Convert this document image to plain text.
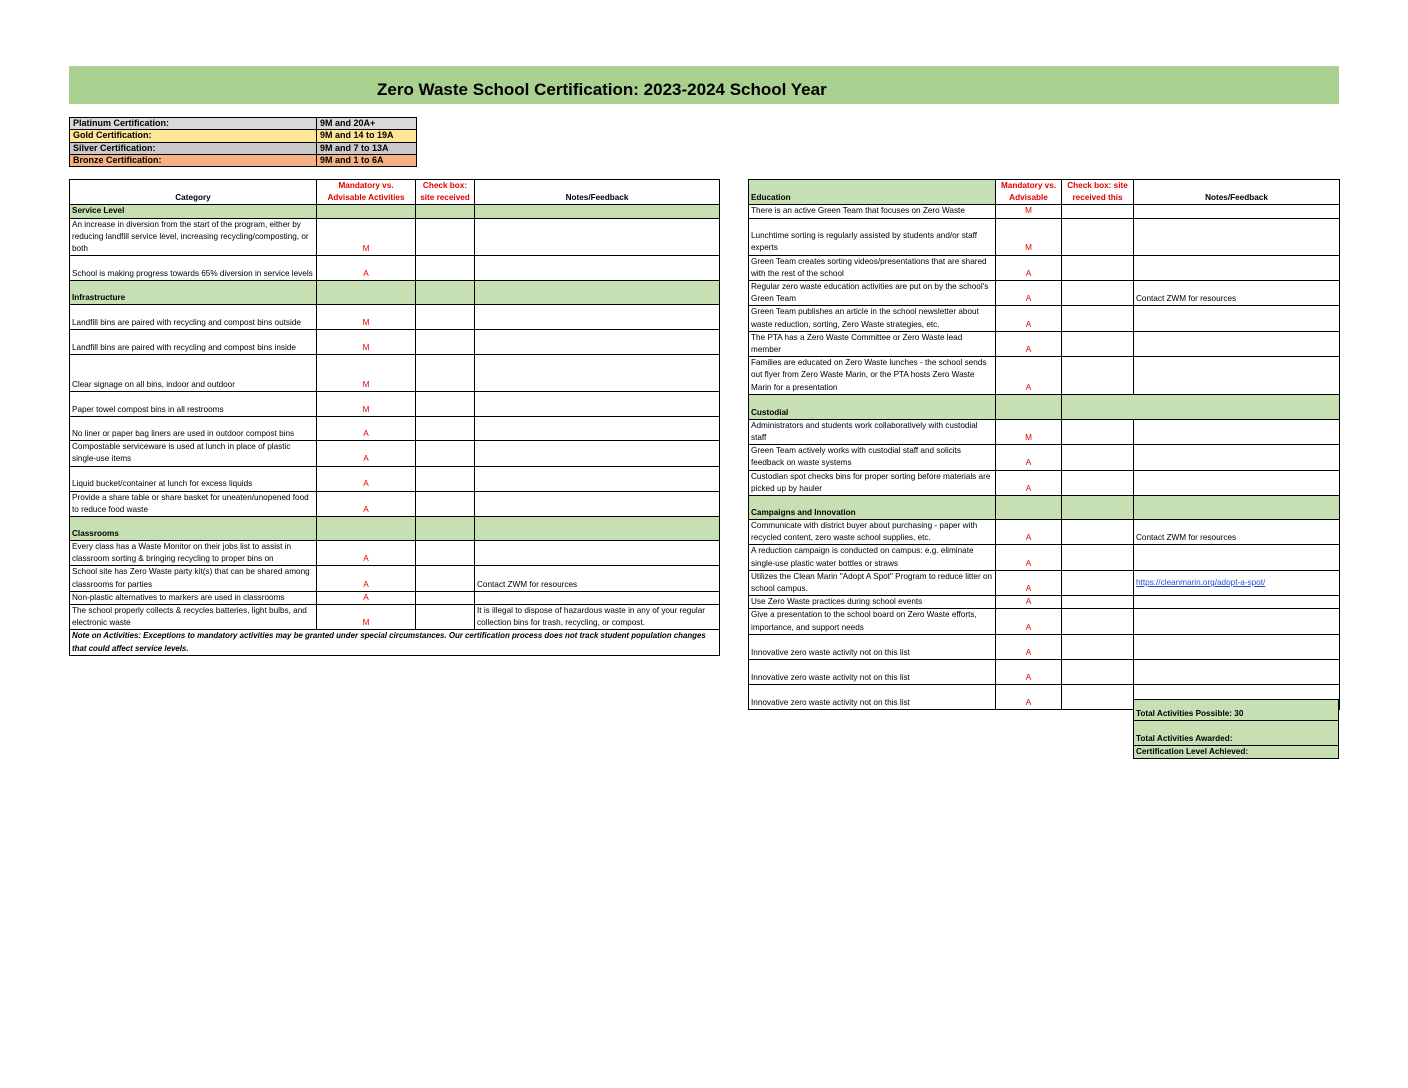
Zero Waste School Certification: 2023-2024 School Year
Platinum Certification:	9M and 20A+
Gold Certification:	9M and 14 to 19A
Silver Certification:	9M and 7 to 13A
Bronze Certification:	9M and 1 to 6A
Category	Mandatory vs. Advisable Activities	Check box: site received	Notes/Feedback
Service Level			
An increase in diversion from the start of the program, either by reducing landfill service level, increasing recycling/composting, or both	M		
School is making progress towards 65% diversion in service levels	A		
Infrastructure			
Landfill bins are paired with recycling and compost bins outside	M		
Landfill bins are paired with recycling and compost bins inside	M		
Clear signage on all bins, indoor and outdoor	M		
Paper towel compost bins in all restrooms	M		
No liner or paper bag liners are used in outdoor compost bins	A		
Compostable serviceware is used at lunch in place of plastic single-use items	A		
Liquid bucket/container at lunch for excess liquids	A		
Provide a share table or share basket for uneaten/unopened food to reduce food waste	A		
Classrooms			
Every class has a Waste Monitor on their jobs list to assist in classroom sorting & bringing recycling to proper bins on	A		
School site has Zero Waste party kit(s) that can be shared among classrooms for parties	A		Contact ZWM for resources
Non-plastic alternatives to markers are used in classrooms	A		
The school properly collects & recycles batteries, light bulbs, and electronic waste	M		It is illegal to dispose of hazardous waste in any of your regular collection bins for trash, recycling, or compost.
Note on Activities: Exceptions to mandatory activities may be granted under special circumstances. Our certification process does not track student population changes that could affect service levels.			
Education	Mandatory vs. Advisable	Check box: site received this	Notes/Feedback
There is an active Green Team that focuses on Zero Waste	M		
Lunchtime sorting is regularly assisted by students and/or staff experts	M		
Green Team creates sorting videos/presentations that are shared with the rest of the school	A		
Regular zero waste education activities are put on by the school's Green Team	A		Contact ZWM for resources
Green Team publishes an article in the school newsletter about waste reduction, sorting, Zero Waste strategies, etc.	A		
The PTA has a Zero Waste Committee or Zero Waste lead member	A		
Families are educated on Zero Waste lunches - the school sends out flyer from Zero Waste Marin, or the PTA hosts Zero Waste Marin for a presentation	A		
Custodial			
Administrators and students work collaboratively with custodial staff	M		
Green Team actively works with custodial staff and solicits feedback on waste systems	A		
Custodian spot checks bins for proper sorting before materials are picked up by hauler	A		
Campaigns and Innovation			
Communicate with district buyer about purchasing - paper with recycled content, zero waste school supplies, etc.	A		Contact ZWM for resources
A reduction campaign is conducted on campus: e.g. eliminate single-use plastic water bottles or straws	A		
Utilizes the Clean Marin "Adopt A Spot" Program to reduce litter on school campus.	A		https://cleanmarin.org/adopt-a-spot/
Use Zero Waste practices during school events	A		
Give a presentation to the school board on Zero Waste efforts, importance, and support needs	A		
Innovative zero waste activity not on this list	A		
Innovative zero waste activity not on this list	A		
Innovative zero waste activity not on this list	A		
Total Activities Possible: 30
Total Activities Awarded:
Certification Level Achieved:
